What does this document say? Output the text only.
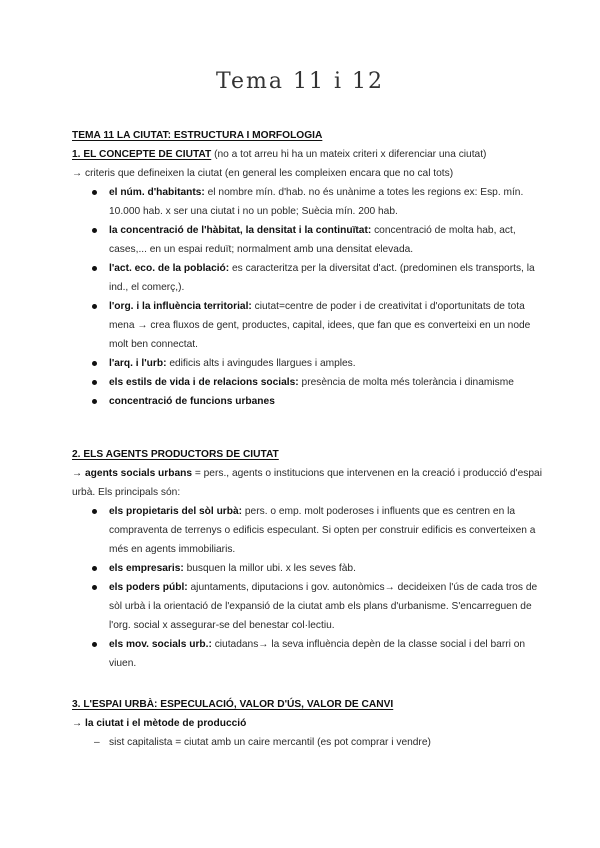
Tema 11 i 12
TEMA 11 LA CIUTAT: ESTRUCTURA I MORFOLOGIA
1. EL CONCEPTE DE CIUTAT (no a tot arreu hi ha un mateix criteri x diferenciar una ciutat)
→ criteris que defineixen la ciutat (en general les compleixen encara que no cal tots)
el núm. d'habitants: el nombre mín. d'hab. no és unànime a totes les regions ex: Esp. mín. 10.000 hab. x ser una ciutat i no un poble; Suècia mín. 200 hab.
la concentració de l'hàbitat, la densitat i la continuïtat: concentració de molta hab, act, cases,... en un espai reduït; normalment amb una densitat elevada.
l'act. eco. de la població: es caracteritza per la diversitat d'act. (predominen els transports, la ind., el comerç,).
l'org. i la influència territorial: ciutat=centre de poder i de creativitat i d'oportunitats de tota mena → crea fluxos de gent, productes, capital, idees, que fan que es converteixi en un node molt ben connectat.
l'arq. i l'urb: edificis alts i avingudes llargues i amples.
els estils de vida i de relacions socials: presència de molta més tolerància i dinamisme
concentració de funcions urbanes
2. ELS AGENTS PRODUCTORS DE CIUTAT
→ agents socials urbans = pers., agents o institucions que intervenen en la creació i producció d'espai urbà. Els principals són:
els propietaris del sòl urbà: pers. o emp. molt poderoses i influents que es centren en la compraventa de terrenys o edificis especulant. Si opten per construir edificis es converteixen a més en agents immobiliaris.
els empresaris: busquen la millor ubi. x les seves fàb.
els poders públ: ajuntaments, diputacions i gov. autonòmics→ decideixen l'ús de cada tros de sòl urbà i la orientació de l'expansió de la ciutat amb els plans d'urbanisme. S'encarreguen de l'org. social x assegurar-se del benestar col·lectiu.
els mov. socials urb.: ciutadans→ la seva influència depèn de la classe social i del barri on viuen.
3. L'ESPAI URBÀ: ESPECULACIÓ, VALOR D'ÚS, VALOR DE CANVI
→ la ciutat i el mètode de producció
– sist capitalista = ciutat amb un caire mercantil (es pot comprar i vendre)
